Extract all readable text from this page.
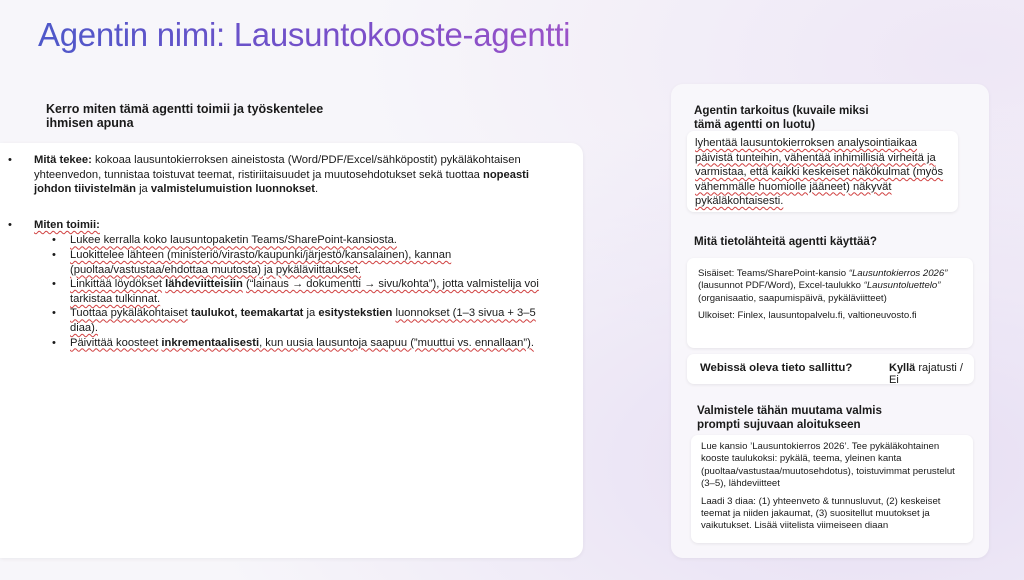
Agentin nimi: Lausuntokooste-agentti
Kerro miten tämä agentti toimii ja työskentelee ihmisen apuna
• Mitä tekee: kokoaa lausuntokierroksen aineistosta (Word/PDF/Excel/sähköpostit) pykäläkohtaisen yhteenvedon, tunnistaa toistuvat teemat, ristiriitaisuudet ja muutosehdotukset sekä tuottaa nopeasti johdon tiivistelmän ja valmistelumuistion luonnokset.
• Miten toimii:
• Lukee kerralla koko lausuntopaketin Teams/SharePoint-kansiosta.
• Luokittelee lähteen (ministeriö/virasto/kaupunki/järjestö/kansalainen), kannan (puoltaa/vastustaa/ehdottaa muutosta) ja pykäläviittaukset.
• Linkittää löydökset lähdeviitteisiin (“lainaus → dokumentti → sivu/kohta”), jotta valmistelija voi tarkistaa tulkinnat.
• Tuottaa pykäläkohtaiset taulukot, teemakartat ja esitystekstien luonnokset (1–3 sivua + 3–5 diaa).
• Päivittää koosteet inkrementaalisesti, kun uusia lausuntoja saapuu (”muuttui vs. ennallaan”).
Agentin tarkoitus (kuvaile miksi tämä agentti on luotu)
lyhentää lausuntokierroksen analysointiaikaa päivistä tunteihin, vähentää inhimillisiä virheitä ja varmistaa, että kaikki keskeiset näkökulmat (myös vähemmälle huomiolle jääneet) näkyvät pykäläkohtaisesti.
Mitä tietolähteitä agentti käyttää?

Sisäiset: Teams/SharePoint-kansio “Lausuntokierros 2026” (lausunnot PDF/Word), Excel-taulukko “Lausuntoluettelo” (organisaatio, saapumispäivä, pykäläviitteet)

Ulkoiset: Finlex, lausuntopalvelu.fi, valtioneuvosto.fi

Webissä oleva tieto sallittu?	Kyllä rajatusti / Ei
Valmistele tähän muutama valmis prompti sujuvaan aloitukseen

Lue kansio ’Lausuntokierros 2026’. Tee pykäläkohtainen kooste taulukoksi: pykälä, teema, yleinen kanta (puoltaa/vastustaa/muutosehdotus), toistuvimmat perustelut (3–5), lähdeviitteet

Laadi 3 diaa: (1) yhteenveto & tunnusluvut, (2) keskeiset teemat ja niiden jakaumat, (3) suositellut muutokset ja vaikutukset. Lisää viitelista viimeiseen diaan
